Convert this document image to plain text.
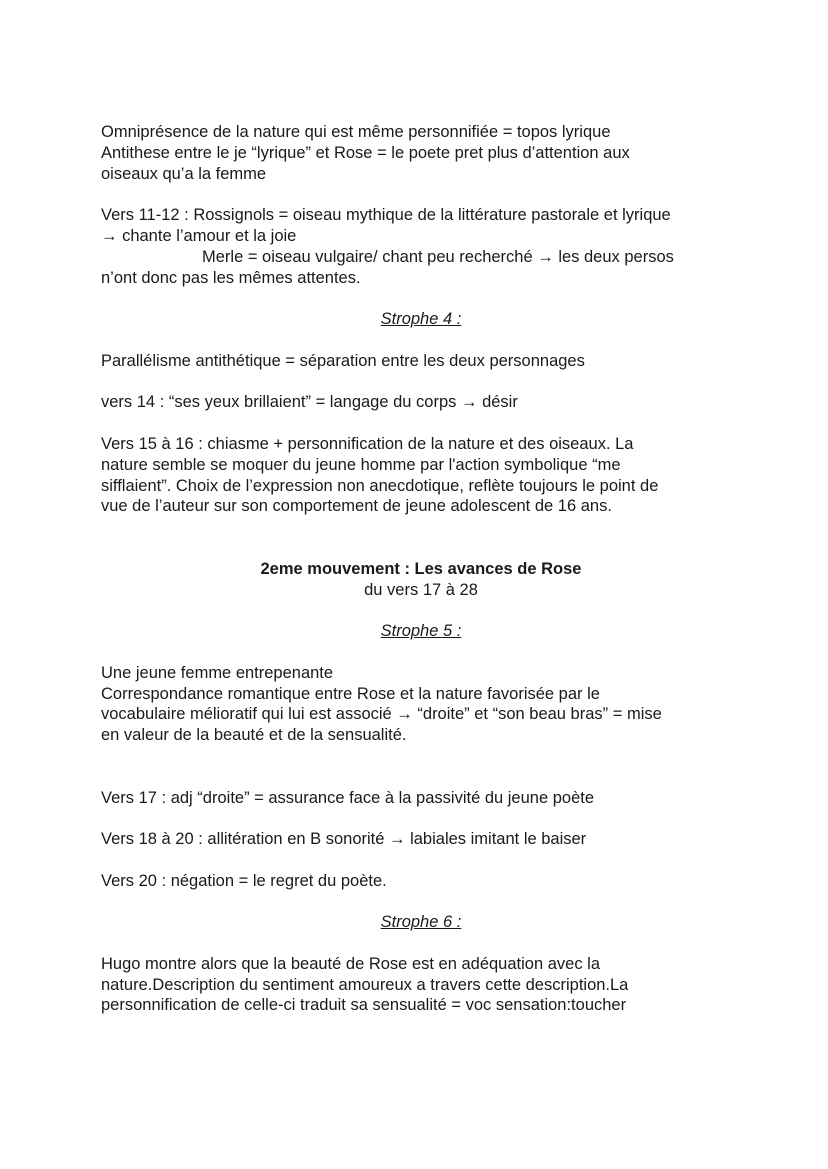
Omniprésence de la nature qui est même personnifiée = topos lyrique

Antithese entre le je “lyrique” et Rose = le poete pret plus d’attention aux

oiseaux qu’a la femme

Vers 11-12 : Rossignols = oiseau mythique de la littérature pastorale et lyrique

→ chante l’amour et la joie

Merle = oiseau vulgaire/ chant peu recherché → les deux persos

n’ont donc pas les mêmes attentes.

Strophe 4 :

Parallélisme antithétique = séparation entre les deux personnages

vers 14 : “ses yeux brillaient” = langage du corps → désir

Vers 15 à 16 : chiasme + personnification de la nature et des oiseaux. La

nature semble se moquer du jeune homme par l'action symbolique “me

sifflaient”. Choix de l’expression non anecdotique, reflète toujours le point de

vue de l’auteur sur son comportement de jeune adolescent de 16 ans.

2eme mouvement : Les avances de Rose

du vers 17 à 28

Strophe 5 :

Une jeune femme entrepenante

Correspondance romantique entre Rose et la nature favorisée par le

vocabulaire mélioratif qui lui est associé → “droite” et “son beau bras” = mise

en valeur de la beauté et de la sensualité.

Vers 17 : adj “droite” = assurance face à la passivité du jeune poète

Vers 18 à 20 : allitération en B sonorité → labiales imitant le baiser

Vers 20 : négation = le regret du poète.

Strophe 6 :

Hugo montre alors que la beauté de Rose est en adéquation avec la

nature.Description du sentiment amoureux a travers cette description.La

personnification de celle-ci traduit sa sensualité = voc sensation:toucher
